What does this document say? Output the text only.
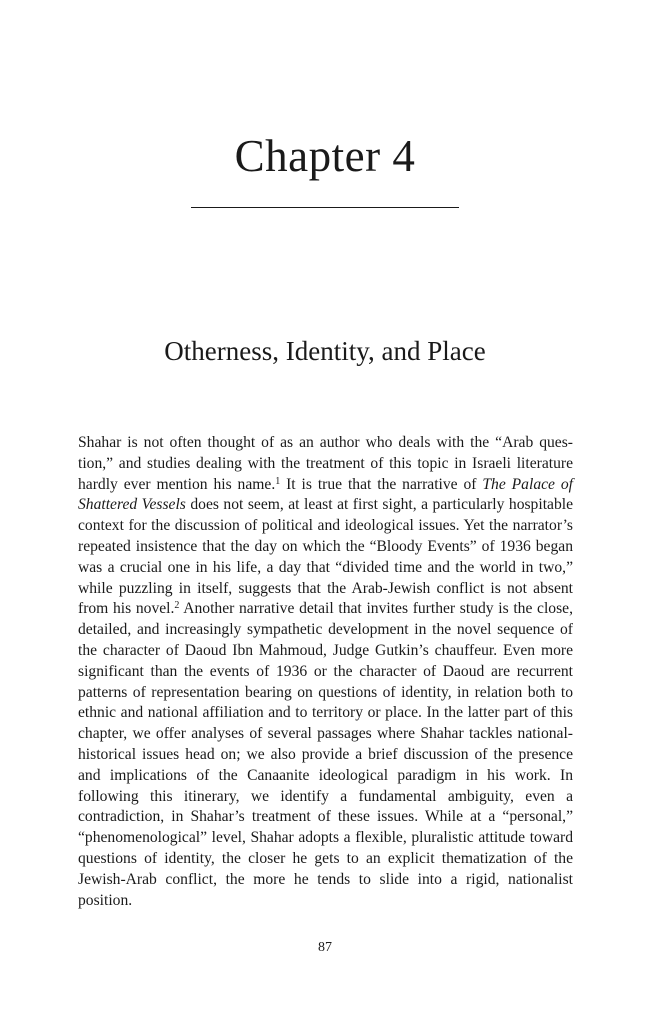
Chapter 4
Otherness, Identity, and Place

Shahar is not often thought of as an author who deals with the “Arab question,” and studies dealing with the treatment of this topic in Israeli literature hardly ever mention his name.$^1$ It is true that the narrative of The Palace of Shattered Vessels does not seem, at least at first sight, a particularly hospitable context for the discussion of political and ideological issues. Yet the narrator’s repeated insistence that the day on which the “Bloody Events” of 1936 began was a crucial one in his life, a day that “divided time and the world in two,” while puzzling in itself, suggests that the Arab-Jewish conflict is not absent from his novel.$^2$ Another narrative detail that invites further study is the close, detailed, and increasingly sympathetic development in the novel sequence of the character of Daoud Ibn Mahmoud, Judge Gutkin’s chauffeur. Even more significant than the events of 1936 or the character of Daoud are recurrent patterns of representation bearing on questions of identity, in relation both to ethnic and national affiliation and to territory or place. In the latter part of this chapter, we offer analyses of several passages where Shahar tackles national-historical issues head on; we also provide a brief discussion of the presence and implications of the Canaanite ideological paradigm in his work. In following this itinerary, we identify a fundamental ambiguity, even a contradiction, in Shahar’s treatment of these issues. While at a “personal,” “phenomenological” level, Shahar adopts a flexible, pluralistic attitude toward questions of identity, the closer he gets to an explicit thematization of the Jewish-Arab conflict, the more he tends to slide into a rigid, nationalist position.

87
